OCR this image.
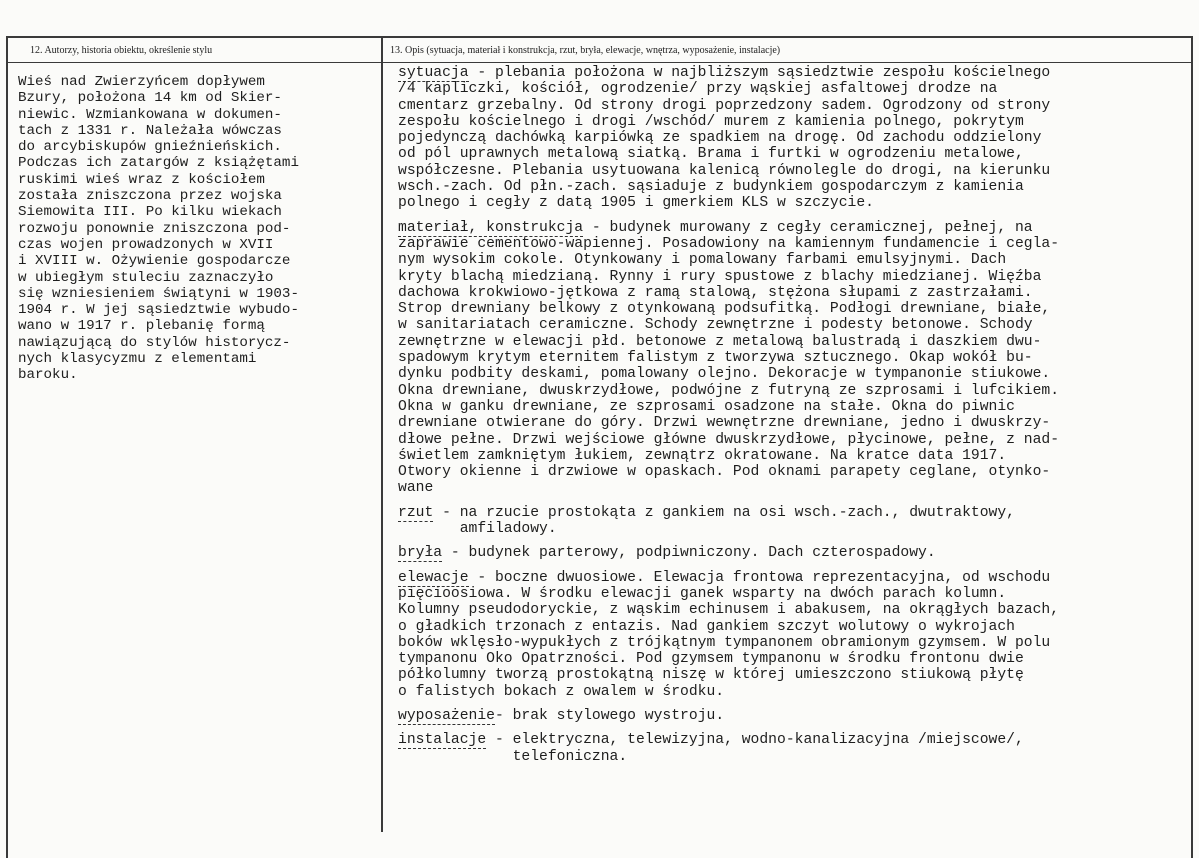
12. Autorzy, historia obiektu, określenie stylu	13. Opis (sytuacja, materiał i konstrukcja, rzut, bryła, elewacje, wnętrza, wyposażenie, instalacje)
Wieś nad Zwierzyńcem dopływem
Bzury, położona 14 km od Skier-
niewic. Wzmiankowana w dokumen-
tach z 1331 r. Należała wówczas
do arcybiskupów gnieźnieńskich.
Podczas ich zatargów z książętami
ruskimi wieś wraz z kościołem
została zniszczona przez wojska
Siemowita III. Po kilku wiekach
rozwoju ponownie zniszczona pod-
czas wojen prowadzonych w XVII
i XVIII w. Ożywienie gospodarcze
w ubiegłym stuleciu zaznaczyło
się wzniesieniem świątyni w 1903-
1904 r. W jej sąsiedztwie wybudo-
wano w 1917 r. plebanię formą
nawiązującą do stylów historycz-
nych klasycyzmu z elementami
baroku.
sytuacja - plebania położona w najbliższym sąsiedztwie zespołu kościelnego
/4 kapliczki, kościół, ogrodzenie/ przy wąskiej asfaltowej drodze na
cmentarz grzebalny. Od strony drogi poprzedzony sadem. Ogrodzony od strony
zespołu kościelnego i drogi /wschód/ murem z kamienia polnego, pokrytym
pojedynczą dachówką karpiówką ze spadkiem na drogę. Od zachodu oddzielony
od pól uprawnych metalową siatką. Brama i furtki w ogrodzeniu metalowe,
współczesne. Plebania usytuowana kalenicą równolegle do drogi, na kierunku
wsch.-zach. Od płn.-zach. sąsiaduje z budynkiem gospodarczym z kamienia
polnego i cegły z datą 1905 i gmerkiem KLS w szczycie.
materiał, konstrukcja - budynek murowany z cegły ceramicznej, pełnej, na
zaprawie cementowo-wapiennej. Posadowiony na kamiennym fundamencie i cegla-
nym wysokim cokole. Otynkowany i pomalowany farbami emulsyjnymi. Dach
kryty blachą miedzianą. Rynny i rury spustowe z blachy miedzianej. Więźba
dachowa krokwiowo-jętkowa z ramą stalową, stężona słupami z zastrzałami.
Strop drewniany belkowy z otynkowaną podsufitką. Podłogi drewniane, białe,
w sanitariatach ceramiczne. Schody zewnętrzne i podesty betonowe. Schody
zewnętrzne w elewacji płd. betonowe z metalową balustradą i daszkiem dwu-
spadowym krytym eternitem falistym z tworzywa sztucznego. Okap wokół bu-
dynku podbity deskami, pomalowany olejno. Dekoracje w tympanonie stiukowe.
Okna drewniane, dwuskrzydłowe, podwójne z futryną ze szprosami i lufcikiem.
Okna w ganku drewniane, ze szprosami osadzone na stałe. Okna do piwnic
drewniane otwierane do góry. Drzwi wewnętrzne drewniane, jedno i dwuskrzy-
dłowe pełne. Drzwi wejściowe główne dwuskrzydłowe, płycinowe, pełne, z nad-
świetlem zamkniętym łukiem, zewnątrz okratowane. Na kratce data 1917.
Otwory okienne i drzwiowe w opaskach. Pod oknami parapety ceglane, otynko-
wane
rzut - na rzucie prostokąta z gankiem na osi wsch.-zach., dwutraktowy,
amfiladowy.
bryła - budynek parterowy, podpiwniczony. Dach czterospadowy.
elewacje - boczne dwuosiowe. Elewacja frontowa reprezentacyjna, od wschodu
pięcioosiowa. W środku elewacji ganek wsparty na dwóch parach kolumn.
Kolumny pseudodoryckie, z wąskim echinusem i abakusem, na okrągłych bazach,
o gładkich trzonach z entazis. Nad gankiem szczyt wolutowy o wykrojach
boków wklęsło-wypukłych z trójkątnym tympanonem obramionym gzymsem. W polu
tympanonu Oko Opatrzności. Pod gzymsem tympanonu w środku frontonu dwie
półkolumny tworzą prostokątną niszę w której umieszczono stiukową płytę
o falistych bokach z owalem w środku.
wyposażenie- brak stylowego wystroju.
instalacje - elektryczna, telewizyjna, wodno-kanalizacyjna /miejscowe/,
telefoniczna.
